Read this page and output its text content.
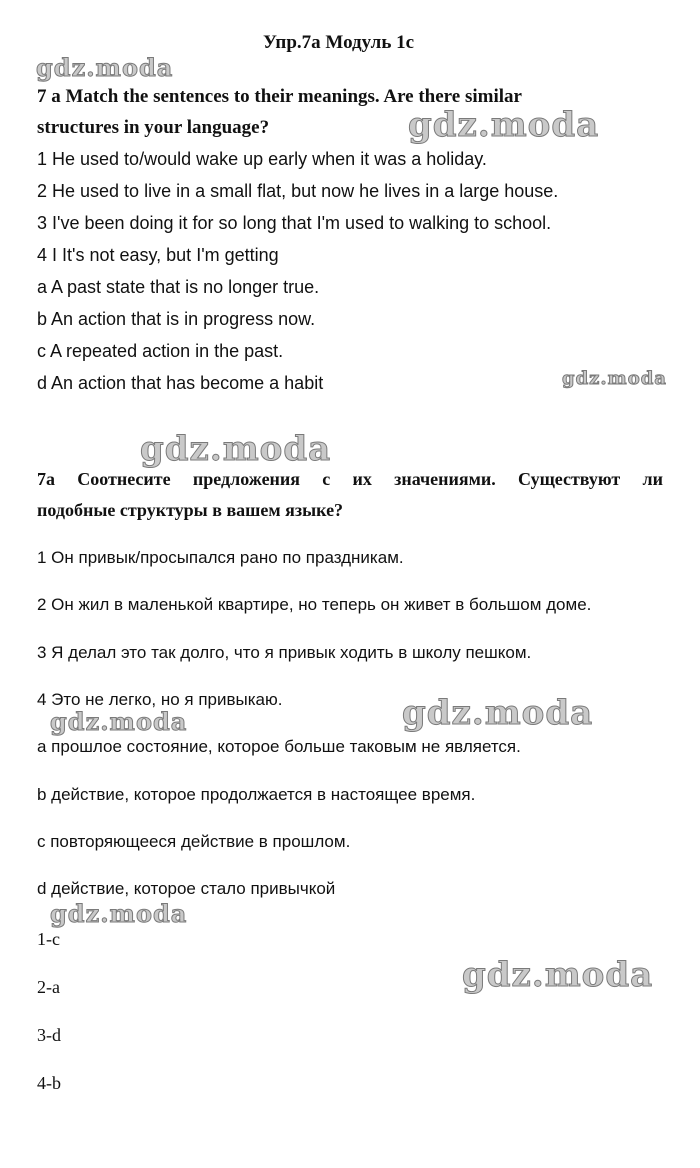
Упр.7а Модуль 1с
gdz.moda
gdz.moda
gdz.moda
gdz.moda
gdz.moda	gdz.moda
gdz.moda
gdz.moda
7 a Match the sentences to their meanings. Are there similar
structures in your language?
1 He used to/would wake up early when it was a holiday.
2 He used to live in a small flat, but now he lives in a large house.
3 I've been doing it for so long that I'm used to walking to school.
4 I It's not easy, but I'm getting
a A past state that is no longer true.
b An action that is in progress now.
c A repeated action in the past.
d An action that has become a habit
7a Соотнесите предложения с их значениями. Существуют ли
подобные структуры в вашем языке?
1 Он привык/просыпался рано по праздникам.
2 Он жил в маленькой квартире, но теперь он живет в большом доме.
3 Я делал это так долго, что я привык ходить в школу пешком.
4 Это не легко, но я привыкаю.
а прошлое состояние, которое больше таковым не является.
b действие, которое продолжается в настоящее время.
с повторяющееся действие в прошлом.
d действие, которое стало привычкой
1-c
2-a
3-d
4-b
